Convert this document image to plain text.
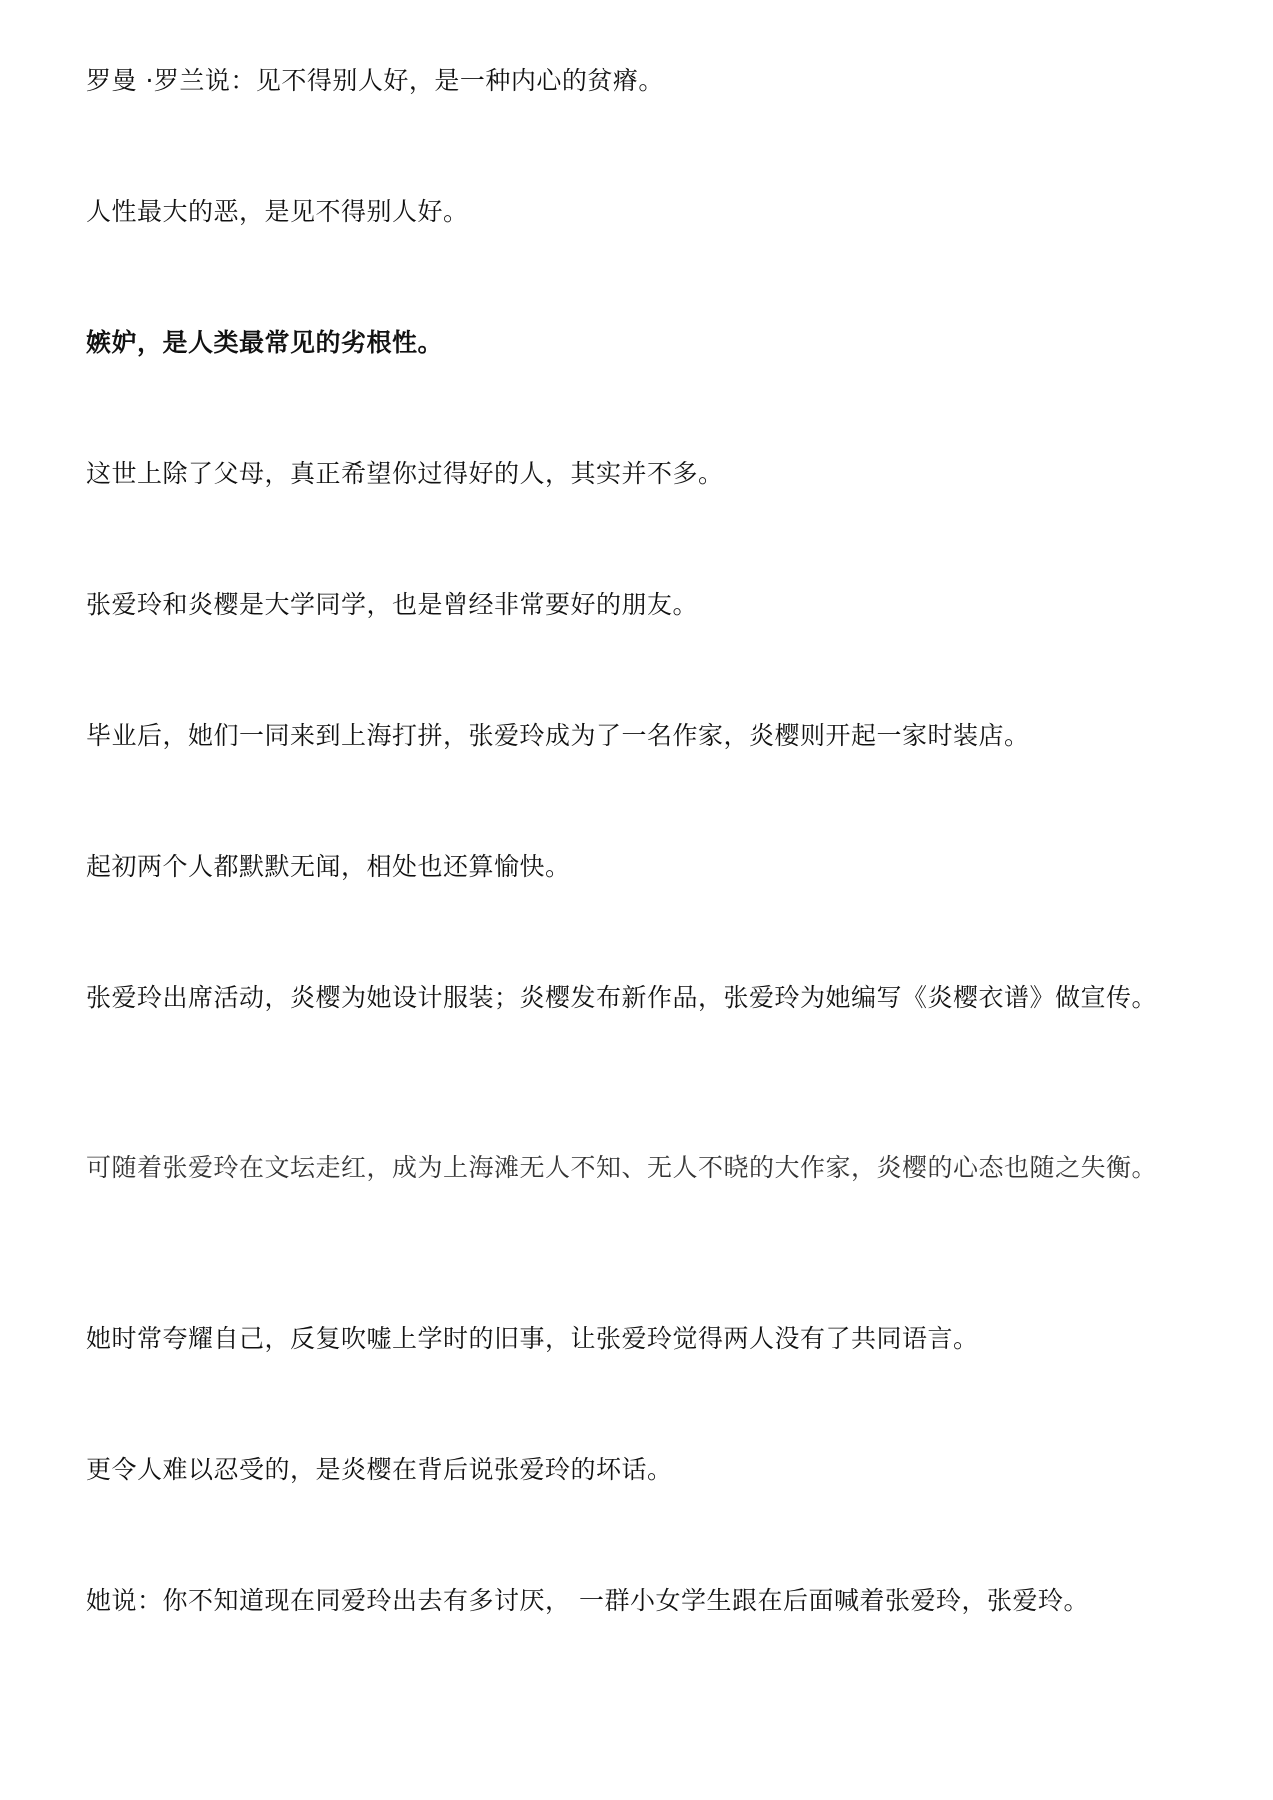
罗曼 ·罗兰说：见不得别人好，是一种内心的贫瘠。

人性最大的恶，是见不得别人好。

嫉妒，是人类最常见的劣根性。

这世上除了父母，真正希望你过得好的人，其实并不多。

张爱玲和炎樱是大学同学，也是曾经非常要好的朋友。

毕业后，她们一同来到上海打拼，张爱玲成为了一名作家，炎樱则开起一家时装店。

起初两个人都默默无闻，相处也还算愉快。

张爱玲出席活动，炎樱为她设计服装；炎樱发布新作品，张爱玲为她编写《炎樱衣谱》做宣传。

可随着张爱玲在文坛走红，成为上海滩无人不知、无人不晓的大作家，炎樱的心态也随之失衡。

她时常夸耀自己，反复吹嘘上学时的旧事，让张爱玲觉得两人没有了共同语言。

更令人难以忍受的，是炎樱在背后说张爱玲的坏话。

她说：你不知道现在同爱玲出去有多讨厌， 一群小女学生跟在后面喊着张爱玲，张爱玲。
